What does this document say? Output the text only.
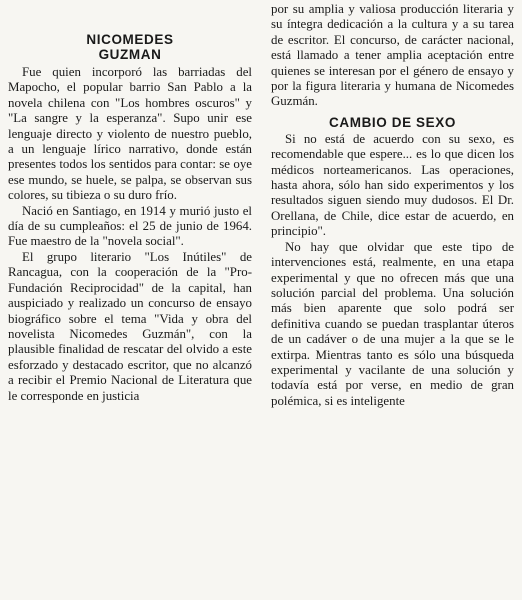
NICOMEDES
GUZMAN

Fue quien incorporó las barriadas del Mapocho, el popular barrio San Pablo a la novela chilena con "Los hombres oscuros" y "La sangre y la esperanza". Supo unir ese lenguaje directo y violento de nuestro pueblo, a un lenguaje lírico narrativo, donde están presentes todos los sentidos para contar: se oye ese mundo, se huele, se palpa, se observan sus colores, su tibieza o su duro frío.

Nació en Santiago, en 1914 y murió justo el día de su cumpleaños: el 25 de junio de 1964. Fue maestro de la "novela social".

El grupo literario "Los Inútiles" de Rancagua, con la cooperación de la "Pro-Fundación Reciprocidad" de la capital, han auspiciado y realizado un concurso de ensayo biográfico sobre el tema "Vida y obra del novelista Nicomedes Guzmán", con la plausible finalidad de rescatar del olvido a este esforzado y destacado escritor, que no alcanzó a recibir el Premio Nacional de Literatura que le corresponde en justicia

por su amplia y valiosa producción literaria y su íntegra dedicación a la cultura y a su tarea de escritor. El concurso, de carácter nacional, está llamado a tener amplia aceptación entre quienes se interesan por el género de ensayo y por la figura literaria y humana de Nicomedes Guzmán.

CAMBIO DE SEXO

Si no está de acuerdo con su sexo, es recomendable que espere... es lo que dicen los médicos norteamericanos. Las operaciones, hasta ahora, sólo han sido experimentos y los resultados siguen siendo muy dudosos. El Dr. Orellana, de Chile, dice estar de acuerdo, en principio".

No hay que olvidar que este tipo de intervenciones está, realmente, en una etapa experimental y que no ofrecen más que una solución parcial del problema. Una solución más bien aparente que solo podrá ser definitiva cuando se puedan trasplantar úteros de un cadáver o de una mujer a la que se le extirpa. Mientras tanto es sólo una búsqueda experimental y vacilante de una solución y todavía está por verse, en medio de gran polémica, si es inteligente
